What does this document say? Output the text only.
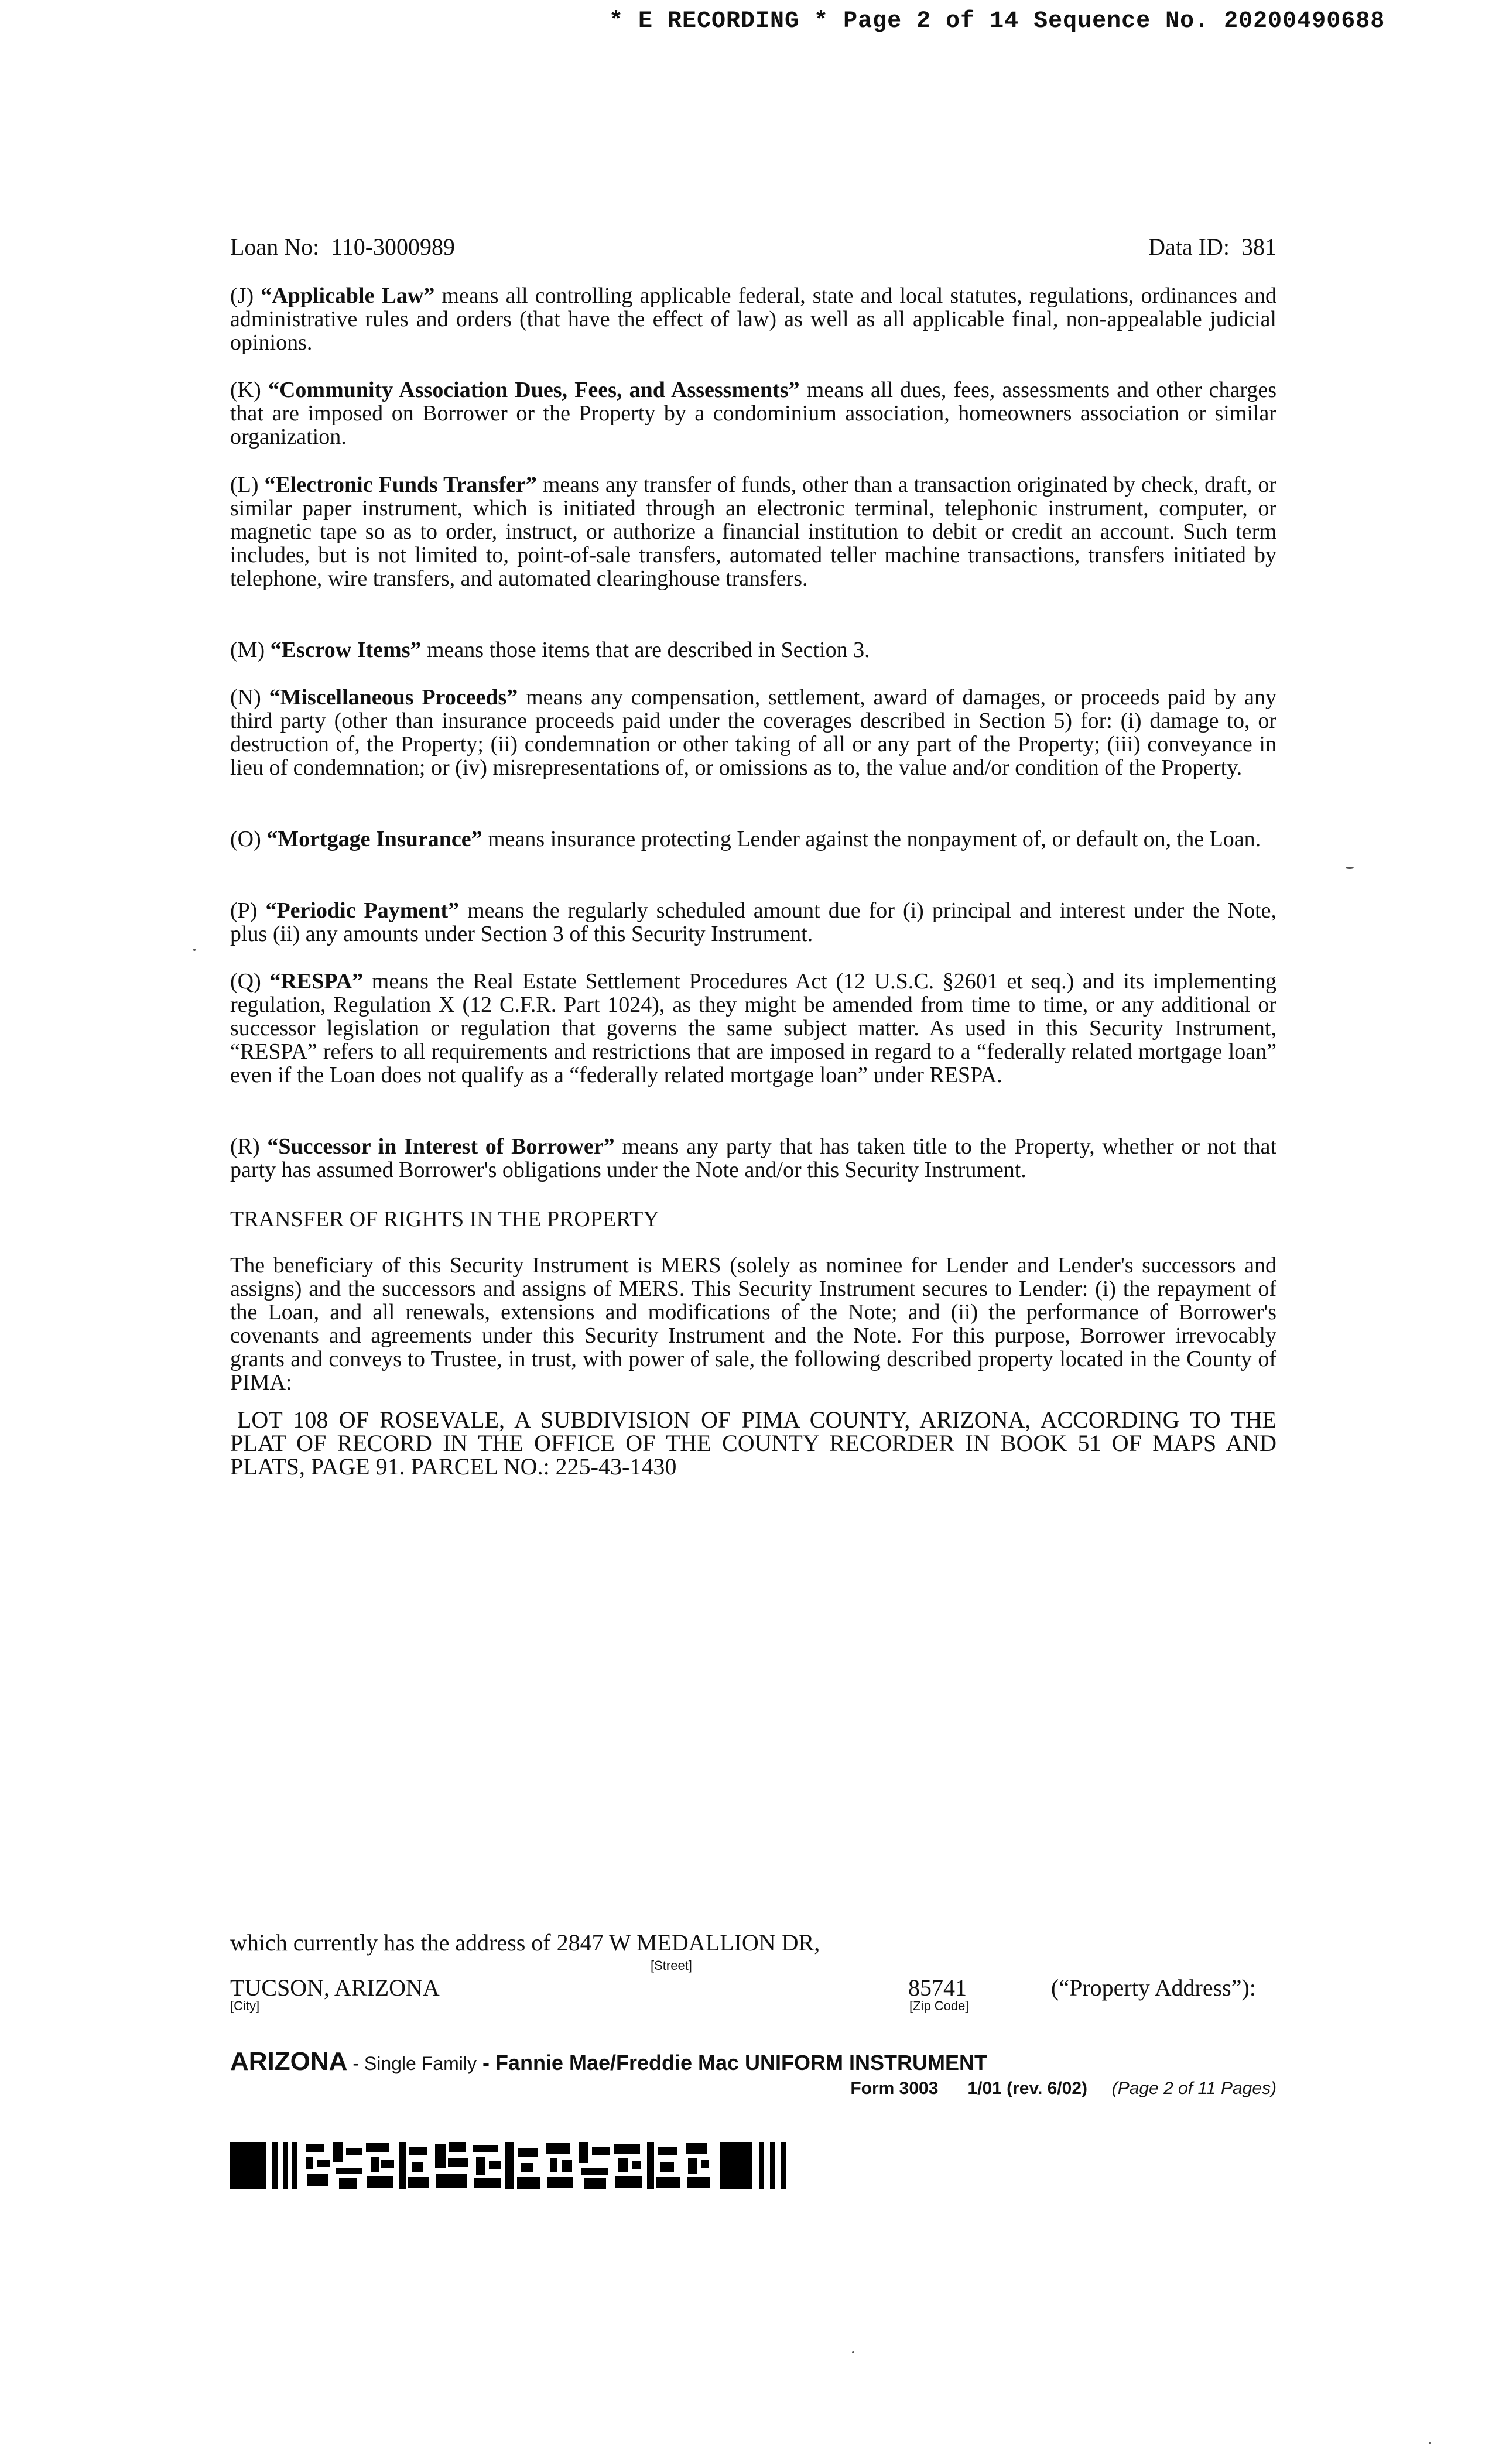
* E RECORDING * Page 2 of 14 Sequence No. 20200490688
Loan No: 110-3000989	Data ID: 381

(J) “Applicable Law” means all controlling applicable federal, state and local statutes, regulations, ordinances and administrative rules and orders (that have the effect of law) as well as all applicable final, non-appealable judicial opinions.

(K) “Community Association Dues, Fees, and Assessments” means all dues, fees, assessments and other charges that are imposed on Borrower or the Property by a condominium association, homeowners association or similar organization.

(L) “Electronic Funds Transfer” means any transfer of funds, other than a transaction originated by check, draft, or similar paper instrument, which is initiated through an electronic terminal, telephonic instrument, computer, or magnetic tape so as to order, instruct, or authorize a financial institution to debit or credit an account. Such term includes, but is not limited to, point-of-sale transfers, automated teller machine transactions, transfers initiated by telephone, wire transfers, and automated clearinghouse transfers.

(M) “Escrow Items” means those items that are described in Section 3.

(N) “Miscellaneous Proceeds” means any compensation, settlement, award of damages, or proceeds paid by any third party (other than insurance proceeds paid under the coverages described in Section 5) for: (i) damage to, or destruction of, the Property; (ii) condemnation or other taking of all or any part of the Property; (iii) conveyance in lieu of condemnation; or (iv) misrepresentations of, or omissions as to, the value and/or condition of the Property.

(O) “Mortgage Insurance” means insurance protecting Lender against the nonpayment of, or default on, the Loan.

(P) “Periodic Payment” means the regularly scheduled amount due for (i) principal and interest under the Note, plus (ii) any amounts under Section 3 of this Security Instrument.

(Q) “RESPA” means the Real Estate Settlement Procedures Act (12 U.S.C. §2601 et seq.) and its implementing regulation, Regulation X (12 C.F.R. Part 1024), as they might be amended from time to time, or any additional or successor legislation or regulation that governs the same subject matter. As used in this Security Instrument, “RESPA” refers to all requirements and restrictions that are imposed in regard to a “federally related mortgage loan” even if the Loan does not qualify as a “federally related mortgage loan” under RESPA.

(R) “Successor in Interest of Borrower” means any party that has taken title to the Property, whether or not that party has assumed Borrower's obligations under the Note and/or this Security Instrument.

TRANSFER OF RIGHTS IN THE PROPERTY
The beneficiary of this Security Instrument is MERS (solely as nominee for Lender and Lender's successors and assigns) and the successors and assigns of MERS. This Security Instrument secures to Lender: (i) the repayment of the Loan, and all renewals, extensions and modifications of the Note; and (ii) the performance of Borrower's covenants and agreements under this Security Instrument and the Note. For this purpose, Borrower irrevocably grants and conveys to Trustee, in trust, with power of sale, the following described property located in the County of PIMA:
LOT 108 OF ROSEVALE, A SUBDIVISION OF PIMA COUNTY, ARIZONA, ACCORDING TO THE PLAT OF RECORD IN THE OFFICE OF THE COUNTY RECORDER IN BOOK 51 OF MAPS AND PLATS, PAGE 91. PARCEL NO.: 225-43-1430
which currently has the address of 2847 W MEDALLION DR,
[Street]
TUCSON, ARIZONA
[City]
85741
[Zip Code]
(“Property Address”):
ARIZONA - Single Family - Fannie Mae/Freddie Mac UNIFORM INSTRUMENT
Form 3003 1/01 (rev. 6/02) (Page 2 of 11 Pages)
